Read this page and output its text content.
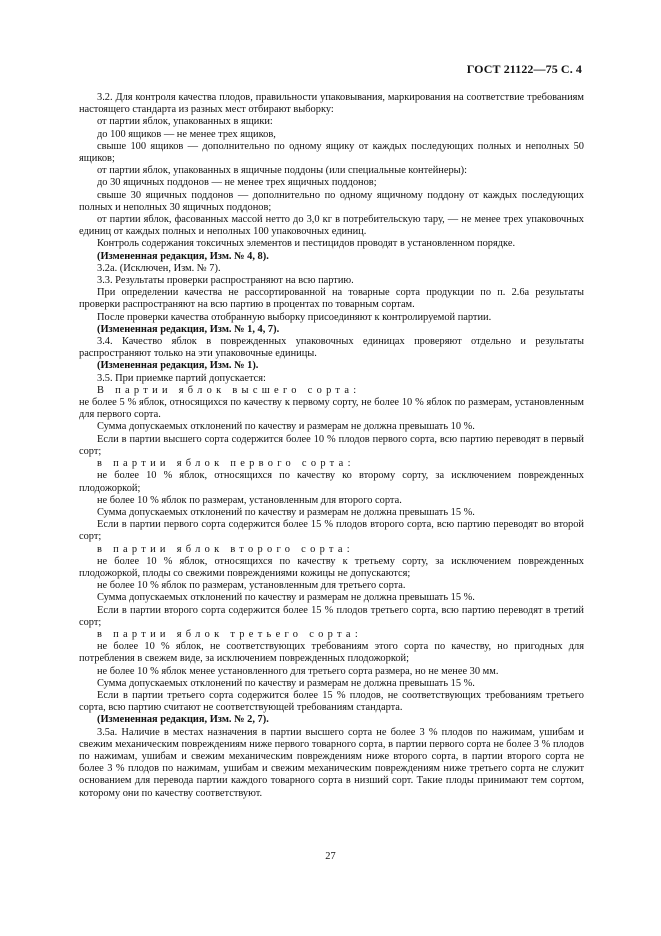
ГОСТ 21122—75 С. 4

3.2. Для контроля качества плодов, правильности упаковывания, маркирования на соответствие требованиям настоящего стандарта из разных мест отбирают выборку:

от партии яблок, упакованных в ящики:

до 100 ящиков — не менее трех ящиков,

свыше 100 ящиков — дополнительно по одному ящику от каждых последующих полных и неполных 50 ящиков;

от партии яблок, упакованных в ящичные поддоны (или специальные контейнеры):

до 30 ящичных поддонов — не менее трех ящичных поддонов;

свыше 30 ящичных поддонов — дополнительно по одному ящичному поддону от каждых последующих полных и неполных 30 ящичных поддонов;

от партии яблок, фасованных массой нетто до 3,0 кг в потребительскую тару, — не менее трех упаковочных единиц от каждых полных и неполных 100 упаковочных единиц.

Контроль содержания токсичных элементов и пестицидов проводят в установленном порядке.

(Измененная редакция, Изм. № 4, 8).

3.2а. (Исключен, Изм. № 7).

3.3. Результаты проверки распространяют на всю партию.

При определении качества не рассортированной на товарные сорта продукции по п. 2.6а результаты проверки распространяют на всю партию в процентах по товарным сортам.

После проверки качества отобранную выборку присоединяют к контролируемой партии.

(Измененная редакция, Изм. № 1, 4, 7).

3.4. Качество яблок в поврежденных упаковочных единицах проверяют отдельно и результаты распространяют только на эти упаковочные единицы.

(Измененная редакция, Изм. № 1).

3.5. При приемке партий допускается:

В партии яблок высшего сорта:

не более 5 % яблок, относящихся по качеству к первому сорту, не более 10 % яблок по размерам, установленным для первого сорта.

Сумма допускаемых отклонений по качеству и размерам не должна превышать 10 %.

Если в партии высшего сорта содержится более 10 % плодов первого сорта, всю партию переводят в первый сорт;

в партии яблок первого сорта:

не более 10 % яблок, относящихся по качеству ко второму сорту, за исключением поврежденных плодожоркой;

не более 10 % яблок по размерам, установленным для второго сорта.

Сумма допускаемых отклонений по качеству и размерам не должна превышать 15 %.

Если в партии первого сорта содержится более 15 % плодов второго сорта, всю партию переводят во второй сорт;

в партии яблок второго сорта:

не более 10 % яблок, относящихся по качеству к третьему сорту, за исключением поврежденных плодожоркой, плоды со свежими повреждениями кожицы не допускаются;

не более 10 % яблок по размерам, установленным для третьего сорта.

Сумма допускаемых отклонений по качеству и размерам не должна превышать 15 %.

Если в партии второго сорта содержится более 15 % плодов третьего сорта, всю партию переводят в третий сорт;

в партии яблок третьего сорта:

не более 10 % яблок, не соответствующих требованиям этого сорта по качеству, но пригодных для потребления в свежем виде, за исключением поврежденных плодожоркой;

не более 10 % яблок менее установленного для третьего сорта размера, но не менее 30 мм.

Сумма допускаемых отклонений по качеству и размерам не должна превышать 15 %.

Если в партии третьего сорта содержится более 15 % плодов, не соответствующих требованиям третьего сорта, всю партию считают не соответствующей требованиям стандарта.

(Измененная редакция, Изм. № 2, 7).

3.5а. Наличие в местах назначения в партии высшего сорта не более 3 % плодов по нажимам, ушибам и свежим механическим повреждениям ниже первого товарного сорта, в партии первого сорта не более 3 % плодов по нажимам, ушибам и свежим механическим повреждениям ниже второго сорта, в партии второго сорта не более 3 % плодов по нажимам, ушибам и свежим механическим повреждениям ниже третьего сорта не служит основанием для перевода партии каждого товарного сорта в низший сорт. Такие плоды принимают тем сортом, которому они по качеству соответствуют.

27
